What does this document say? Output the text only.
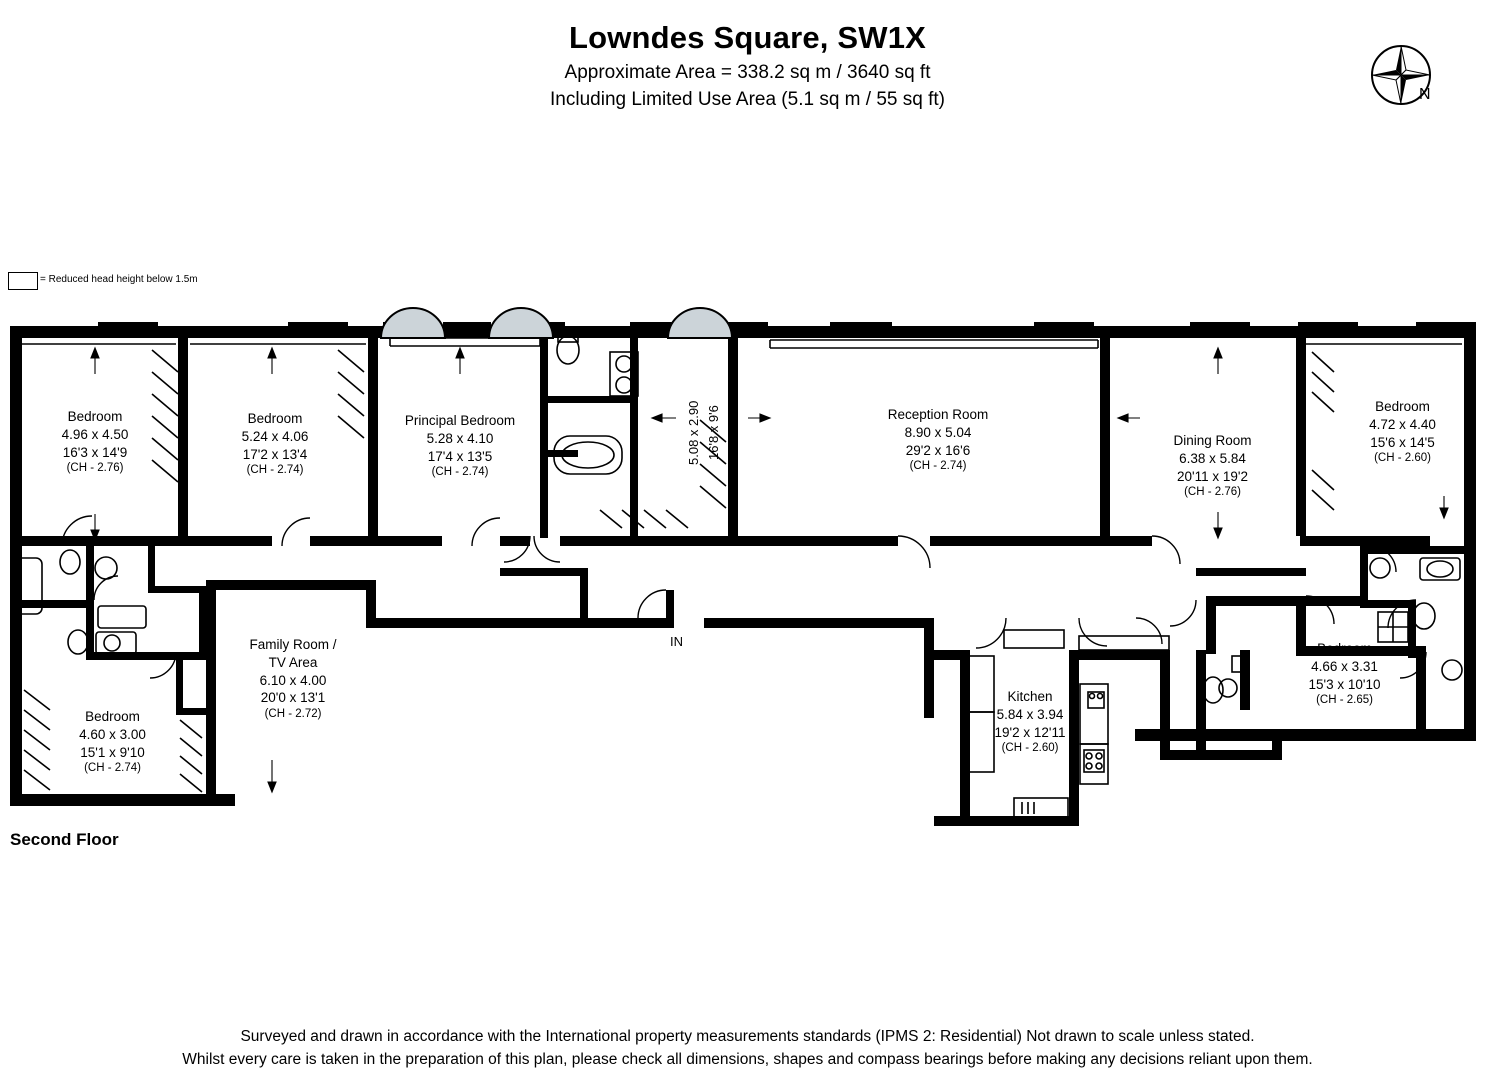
Lowndes Square, SW1X
Approximate Area = 338.2 sq m / 3640 sq ft
Including Limited Use Area (5.1 sq m / 55 sq ft)	N
= Reduced head height below 1.5m
Bedroom
4.96 x 4.50
16'3 x 14'9
(CH - 2.76)
Bedroom
5.24 x 4.06
17'2 x 13'4
(CH - 2.74)
Principal Bedroom
5.28 x 4.10
17'4 x 13'5
(CH - 2.74)
Reception Room
8.90 x 5.04
29'2 x 16'6
(CH - 2.74)
Dining Room
6.38 x 5.84
20'11 x 19'2
(CH - 2.76)
Bedroom
4.72 x 4.40
15'6 x 14'5
(CH - 2.60)
Bedroom
4.66 x 3.31
15'3 x 10'10
(CH - 2.65)
Family Room /
TV Area
6.10 x 4.00
20'0 x 13'1
(CH - 2.72)
Bedroom
4.60 x 3.00
15'1 x 9'10
(CH - 2.74)
Kitchen
5.84 x 3.94
19'2 x 12'11
(CH - 2.60)
5.08 x 2.90 16'8 x 9'6
IN
Second Floor
Surveyed and drawn in accordance with the International property measurements standards (IPMS 2: Residential) Not drawn to scale unless stated.
Whilst every care is taken in the preparation of this plan, please check all dimensions, shapes and compass bearings before making any decisions reliant upon them.
